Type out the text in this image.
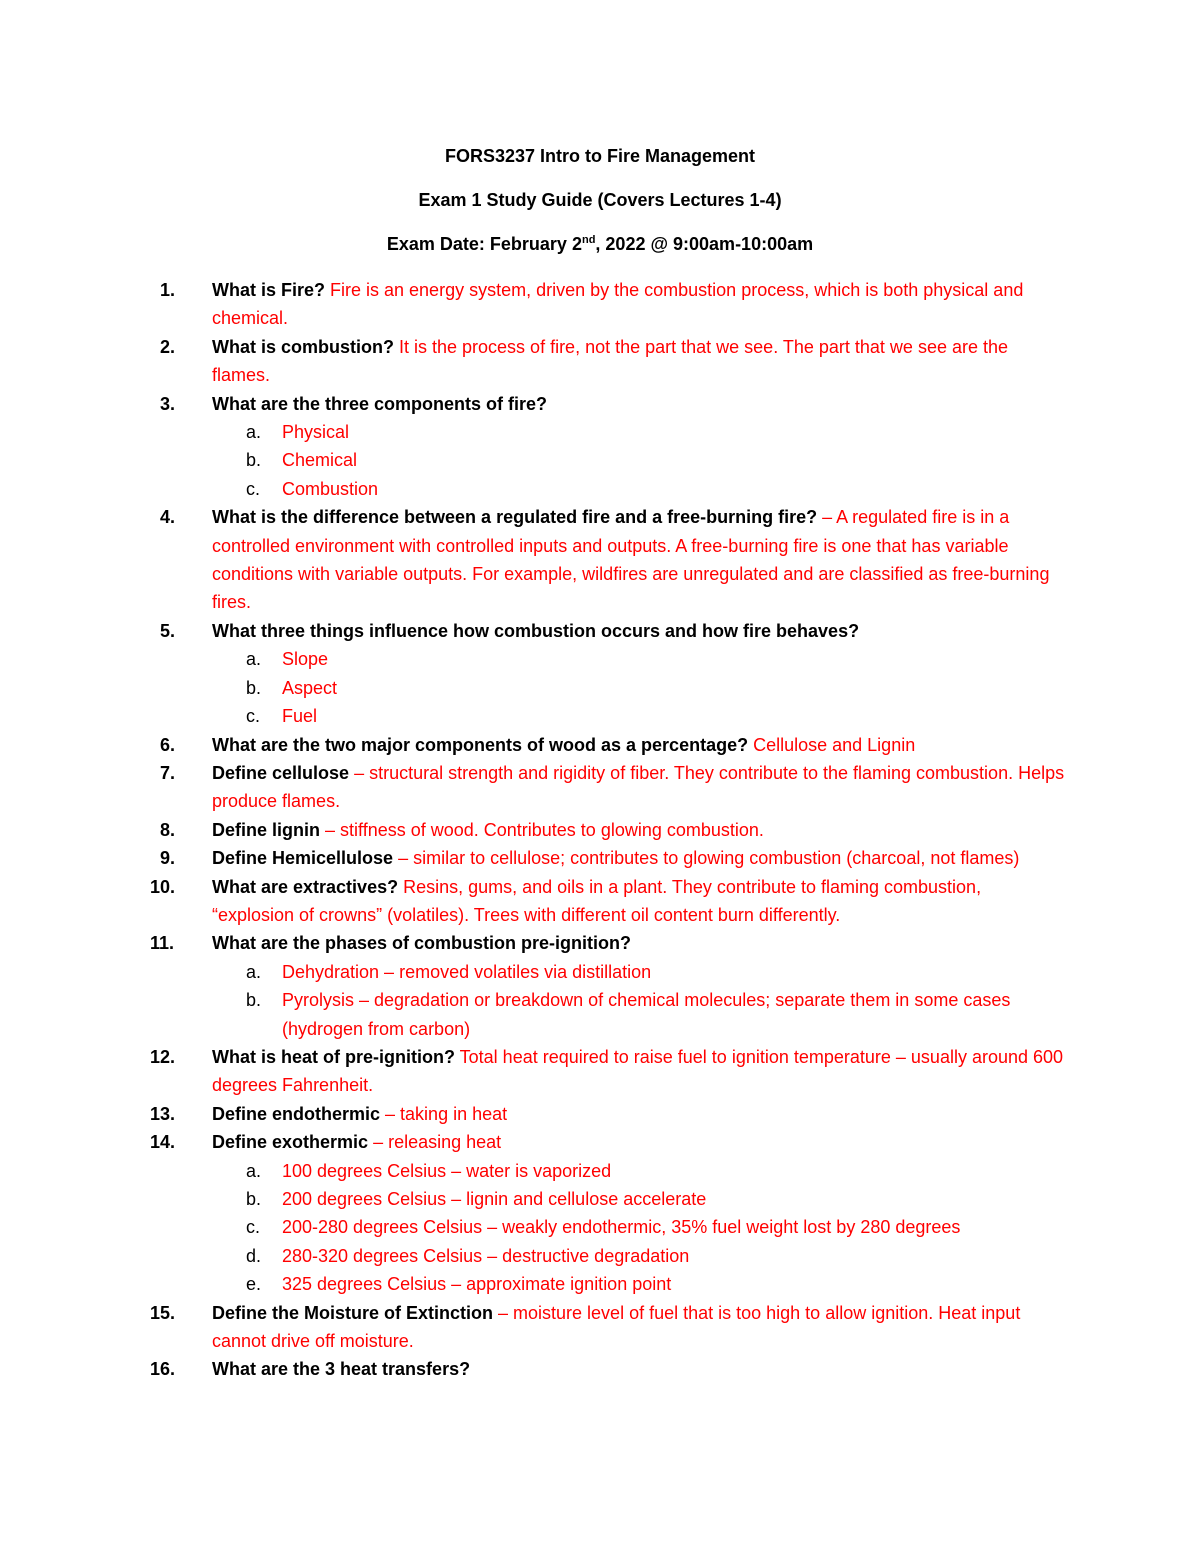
FORS3237 Intro to Fire Management
Exam 1 Study Guide (Covers Lectures 1-4)
Exam Date: February 2nd, 2022 @ 9:00am-10:00am
1.	What is Fire? Fire is an energy system, driven by the combustion process, which is both physical and chemical.
2.	What is combustion? It is the process of fire, not the part that we see. The part that we see are the flames.
3.	What are the three components of fire?
a. Physical
b. Chemical
c. Combustion
4.	What is the difference between a regulated fire and a free-burning fire? – A regulated fire is in a controlled environment with controlled inputs and outputs. A free-burning fire is one that has variable conditions with variable outputs. For example, wildfires are unregulated and are classified as free-burning fires.
5.	What three things influence how combustion occurs and how fire behaves?
a. Slope
b. Aspect
c. Fuel
6.	What are the two major components of wood as a percentage? Cellulose and Lignin
7.	Define cellulose – structural strength and rigidity of fiber. They contribute to the flaming combustion. Helps produce flames.
8.	Define lignin – stiffness of wood. Contributes to glowing combustion.
9.	Define Hemicellulose – similar to cellulose; contributes to glowing combustion (charcoal, not flames)
10.	What are extractives? Resins, gums, and oils in a plant. They contribute to flaming combustion, “explosion of crowns” (volatiles). Trees with different oil content burn differently.
11.	What are the phases of combustion pre-ignition?
a. Dehydration – removed volatiles via distillation
b. Pyrolysis – degradation or breakdown of chemical molecules; separate them in some cases (hydrogen from carbon)
12.	What is heat of pre-ignition? Total heat required to raise fuel to ignition temperature – usually around 600 degrees Fahrenheit.
13.	Define endothermic – taking in heat
14.	Define exothermic – releasing heat
a. 100 degrees Celsius – water is vaporized
b. 200 degrees Celsius – lignin and cellulose accelerate
c. 200-280 degrees Celsius – weakly endothermic, 35% fuel weight lost by 280 degrees
d. 280-320 degrees Celsius – destructive degradation
e. 325 degrees Celsius – approximate ignition point
15.	Define the Moisture of Extinction – moisture level of fuel that is too high to allow ignition. Heat input cannot drive off moisture.
16.	What are the 3 heat transfers?
